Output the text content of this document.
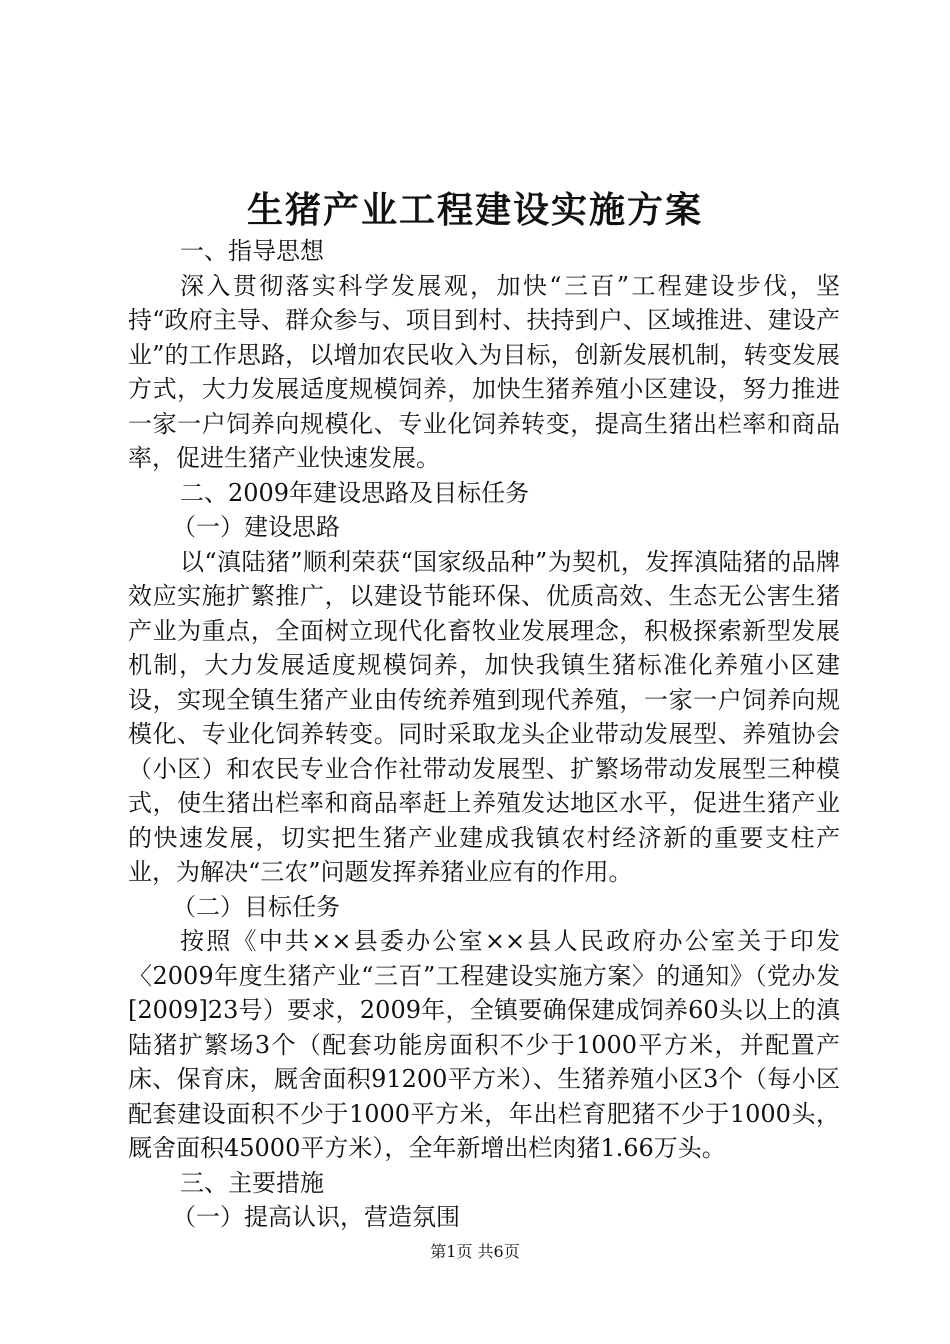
生猪产业工程建设实施方案

一、指导思想

深入贯彻落实科学发展观，加快“三百”工程建设步伐，坚持“政府主导、群众参与、项目到村、扶持到户、区域推进、建设产业”的工作思路，以增加农民收入为目标，创新发展机制，转变发展方式，大力发展适度规模饲养，加快生猪养殖小区建设，努力推进一家一户饲养向规模化、专业化饲养转变，提高生猪出栏率和商品率，促进生猪产业快速发展。

二、2009年建设思路及目标任务

（一）建设思路

以“滇陆猪”顺利荣获“国家级品种”为契机，发挥滇陆猪的品牌效应实施扩繁推广，以建设节能环保、优质高效、生态无公害生猪产业为重点，全面树立现代化畜牧业发展理念，积极探索新型发展机制，大力发展适度规模饲养，加快我镇生猪标准化养殖小区建设，实现全镇生猪产业由传统养殖到现代养殖，一家一户饲养向规模化、专业化饲养转变。同时采取龙头企业带动发展型、养殖协会（小区）和农民专业合作社带动发展型、扩繁场带动发展型三种模式，使生猪出栏率和商品率赶上养殖发达地区水平，促进生猪产业的快速发展，切实把生猪产业建成我镇农村经济新的重要支柱产业，为解决“三农”问题发挥养猪业应有的作用。

（二）目标任务

按照《中共××县委办公室××县人民政府办公室关于印发〈2009年度生猪产业“三百”工程建设实施方案〉的通知》（党办发[2009]23号）要求，2009年，全镇要确保建成饲养60头以上的滇陆猪扩繁场3个（配套功能房面积不少于1000平方米，并配置产床、保育床，厩舍面积91200平方米）、生猪养殖小区3个（每小区配套建设面积不少于1000平方米，年出栏育肥猪不少于1000头，厩舍面积45000平方米），全年新增出栏肉猪1.66万头。

三、主要措施

（一）提高认识，营造氛围

第1页 共6页
